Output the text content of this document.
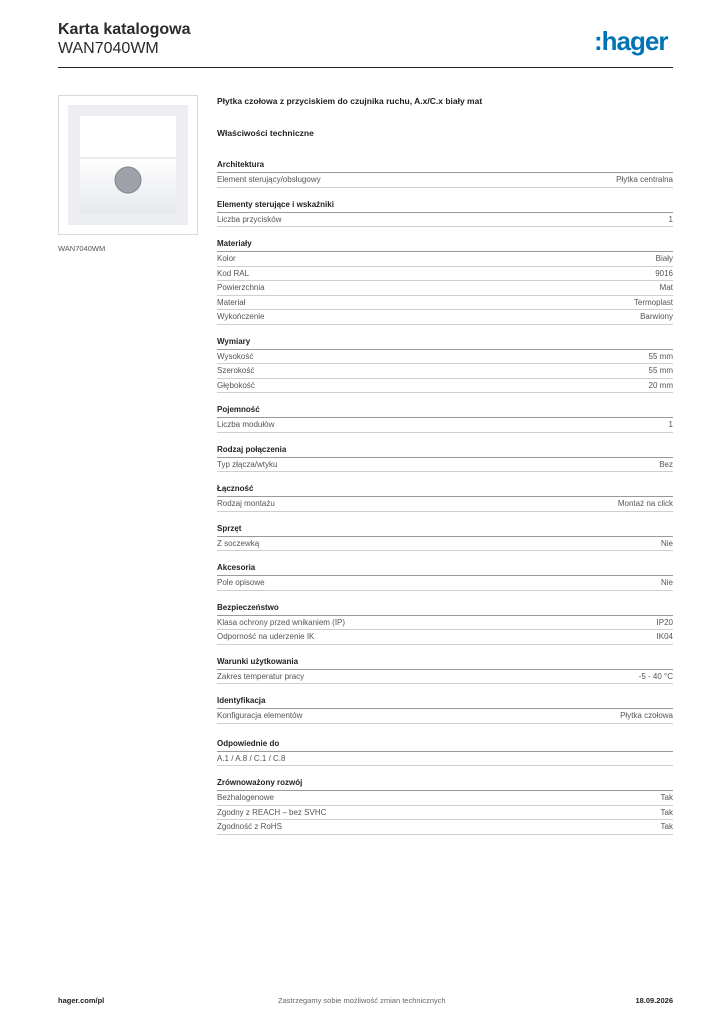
Karta katalogowa
WAN7040WM	:hager
WAN7040WM
Płytka czołowa z przyciskiem do czujnika ruchu, A.x/C.x biały mat
Właściwości techniczne
Architektura
Element sterujący/obsługowy	Płytka centralna
Elementy sterujące i wskaźniki
Liczba przycisków	1
Materiały
Kolor	Biały
Kod RAL	9016
Powierzchnia	Mat
Materiał	Termoplast
Wykończenie	Barwiony
Wymiary
Wysokość	55 mm
Szerokość	55 mm
Głębokość	20 mm
Pojemność
Liczba modułów	1
Rodzaj połączenia
Typ złącza/wtyku	Bez
Łączność
Rodzaj montażu	Montaż na click
Sprzęt
Z soczewką	Nie
Akcesoria
Pole opisowe	Nie
Bezpieczeństwo
Klasa ochrony przed wnikaniem (IP)	IP20
Odporność na uderzenie IK	IK04
Warunki użytkowania
Zakres temperatur pracy	-5 - 40 °C
Identyfikacja
Konfiguracja elementów	Płytka czołowa
Odpowiednie do
A.1 / A.8 / C.1 / C.8
Zrównoważony rozwój
Bezhalogenowe	Tak
Zgodny z REACH – bez SVHC	Tak
Zgodność z RoHS	Tak
hager.com/pl	Zastrzegamy sobie możliwość zmian technicznych	18.09.2026
